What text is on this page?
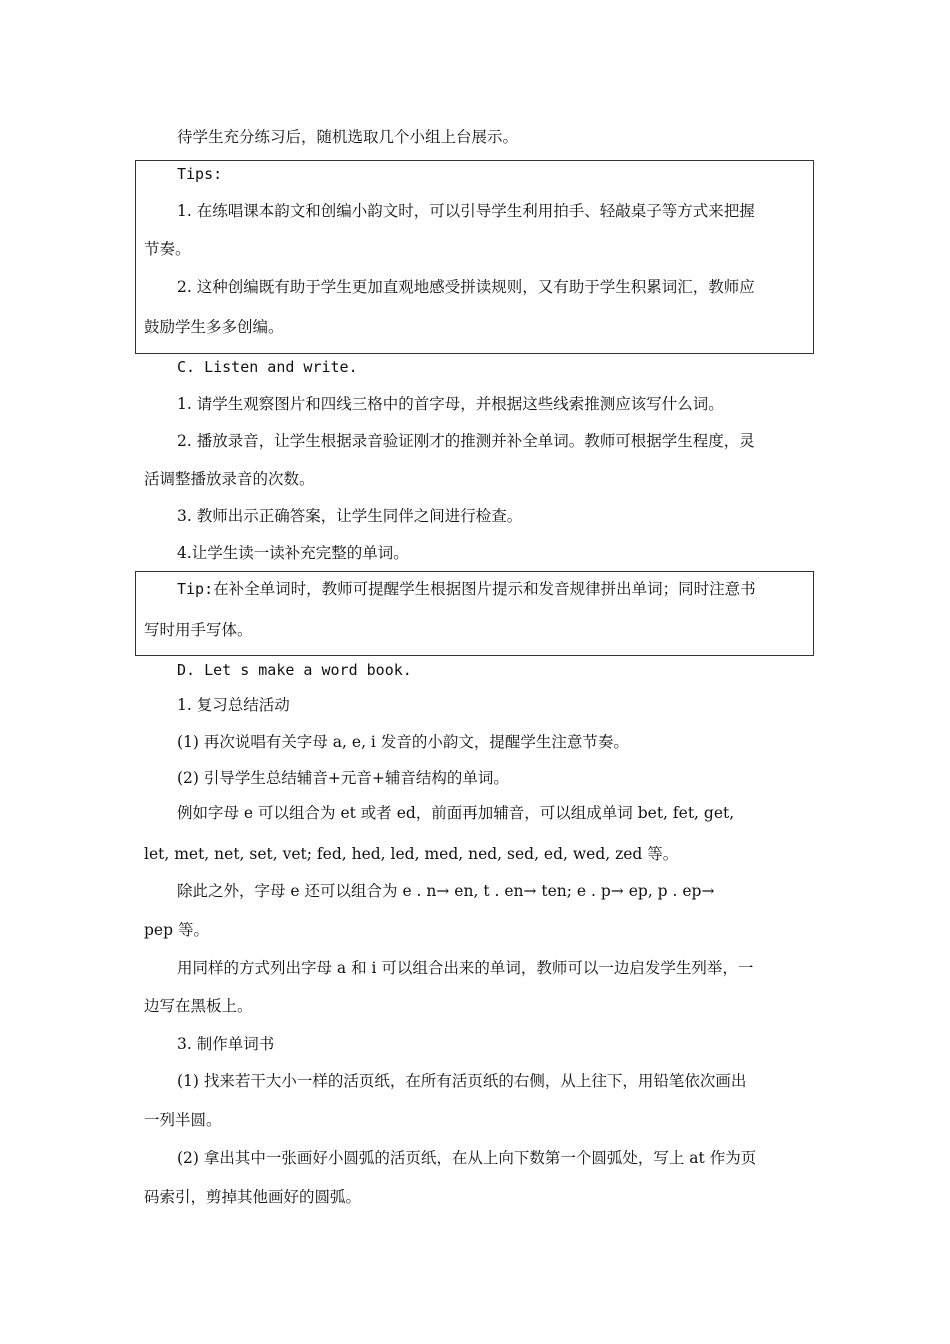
待学生充分练习后，随机选取几个小组上台展示。
Tips:
1. 在练唱课本韵文和创编小韵文时，可以引导学生利用拍手、轻敲桌子等方式来把握
节奏。
2. 这种创编既有助于学生更加直观地感受拼读规则，又有助于学生积累词汇，教师应
鼓励学生多多创编。
C. Listen and write.
1. 请学生观察图片和四线三格中的首字母，并根据这些线索推测应该写什么词。
2. 播放录音，让学生根据录音验证刚才的推测并补全单词。教师可根据学生程度，灵
活调整播放录音的次数。
3. 教师出示正确答案，让学生同伴之间进行检查。
4.让学生读一读补充完整的单词。
Tip:在补全单词时，教师可提醒学生根据图片提示和发音规律拼出单词；同时注意书
写时用手写体。
D. Let s make a word book.
1. 复习总结活动
(1) 再次说唱有关字母 a, e, i 发音的小韵文，提醒学生注意节奏。
(2) 引导学生总结辅音+元音+辅音结构的单词。
例如字母 e 可以组合为 et 或者 ed，前面再加辅音，可以组成单词 bet, fet, get,
let, met, net, set, vet; fed, hed, led, med, ned, sed, ed, wed, zed 等。
除此之外，字母 e 还可以组合为 e . n→ en, t . en→ ten; e . p→ ep, p . ep→
pep 等。
用同样的方式列出字母 a 和 i 可以组合出来的单词，教师可以一边启发学生列举，一
边写在黑板上。
3. 制作单词书
(1) 找来若干大小一样的活页纸，在所有活页纸的右侧，从上往下，用铅笔依次画出
一列半圆。
(2) 拿出其中一张画好小圆弧的活页纸，在从上向下数第一个圆弧处，写上 at 作为页
码索引，剪掉其他画好的圆弧。
